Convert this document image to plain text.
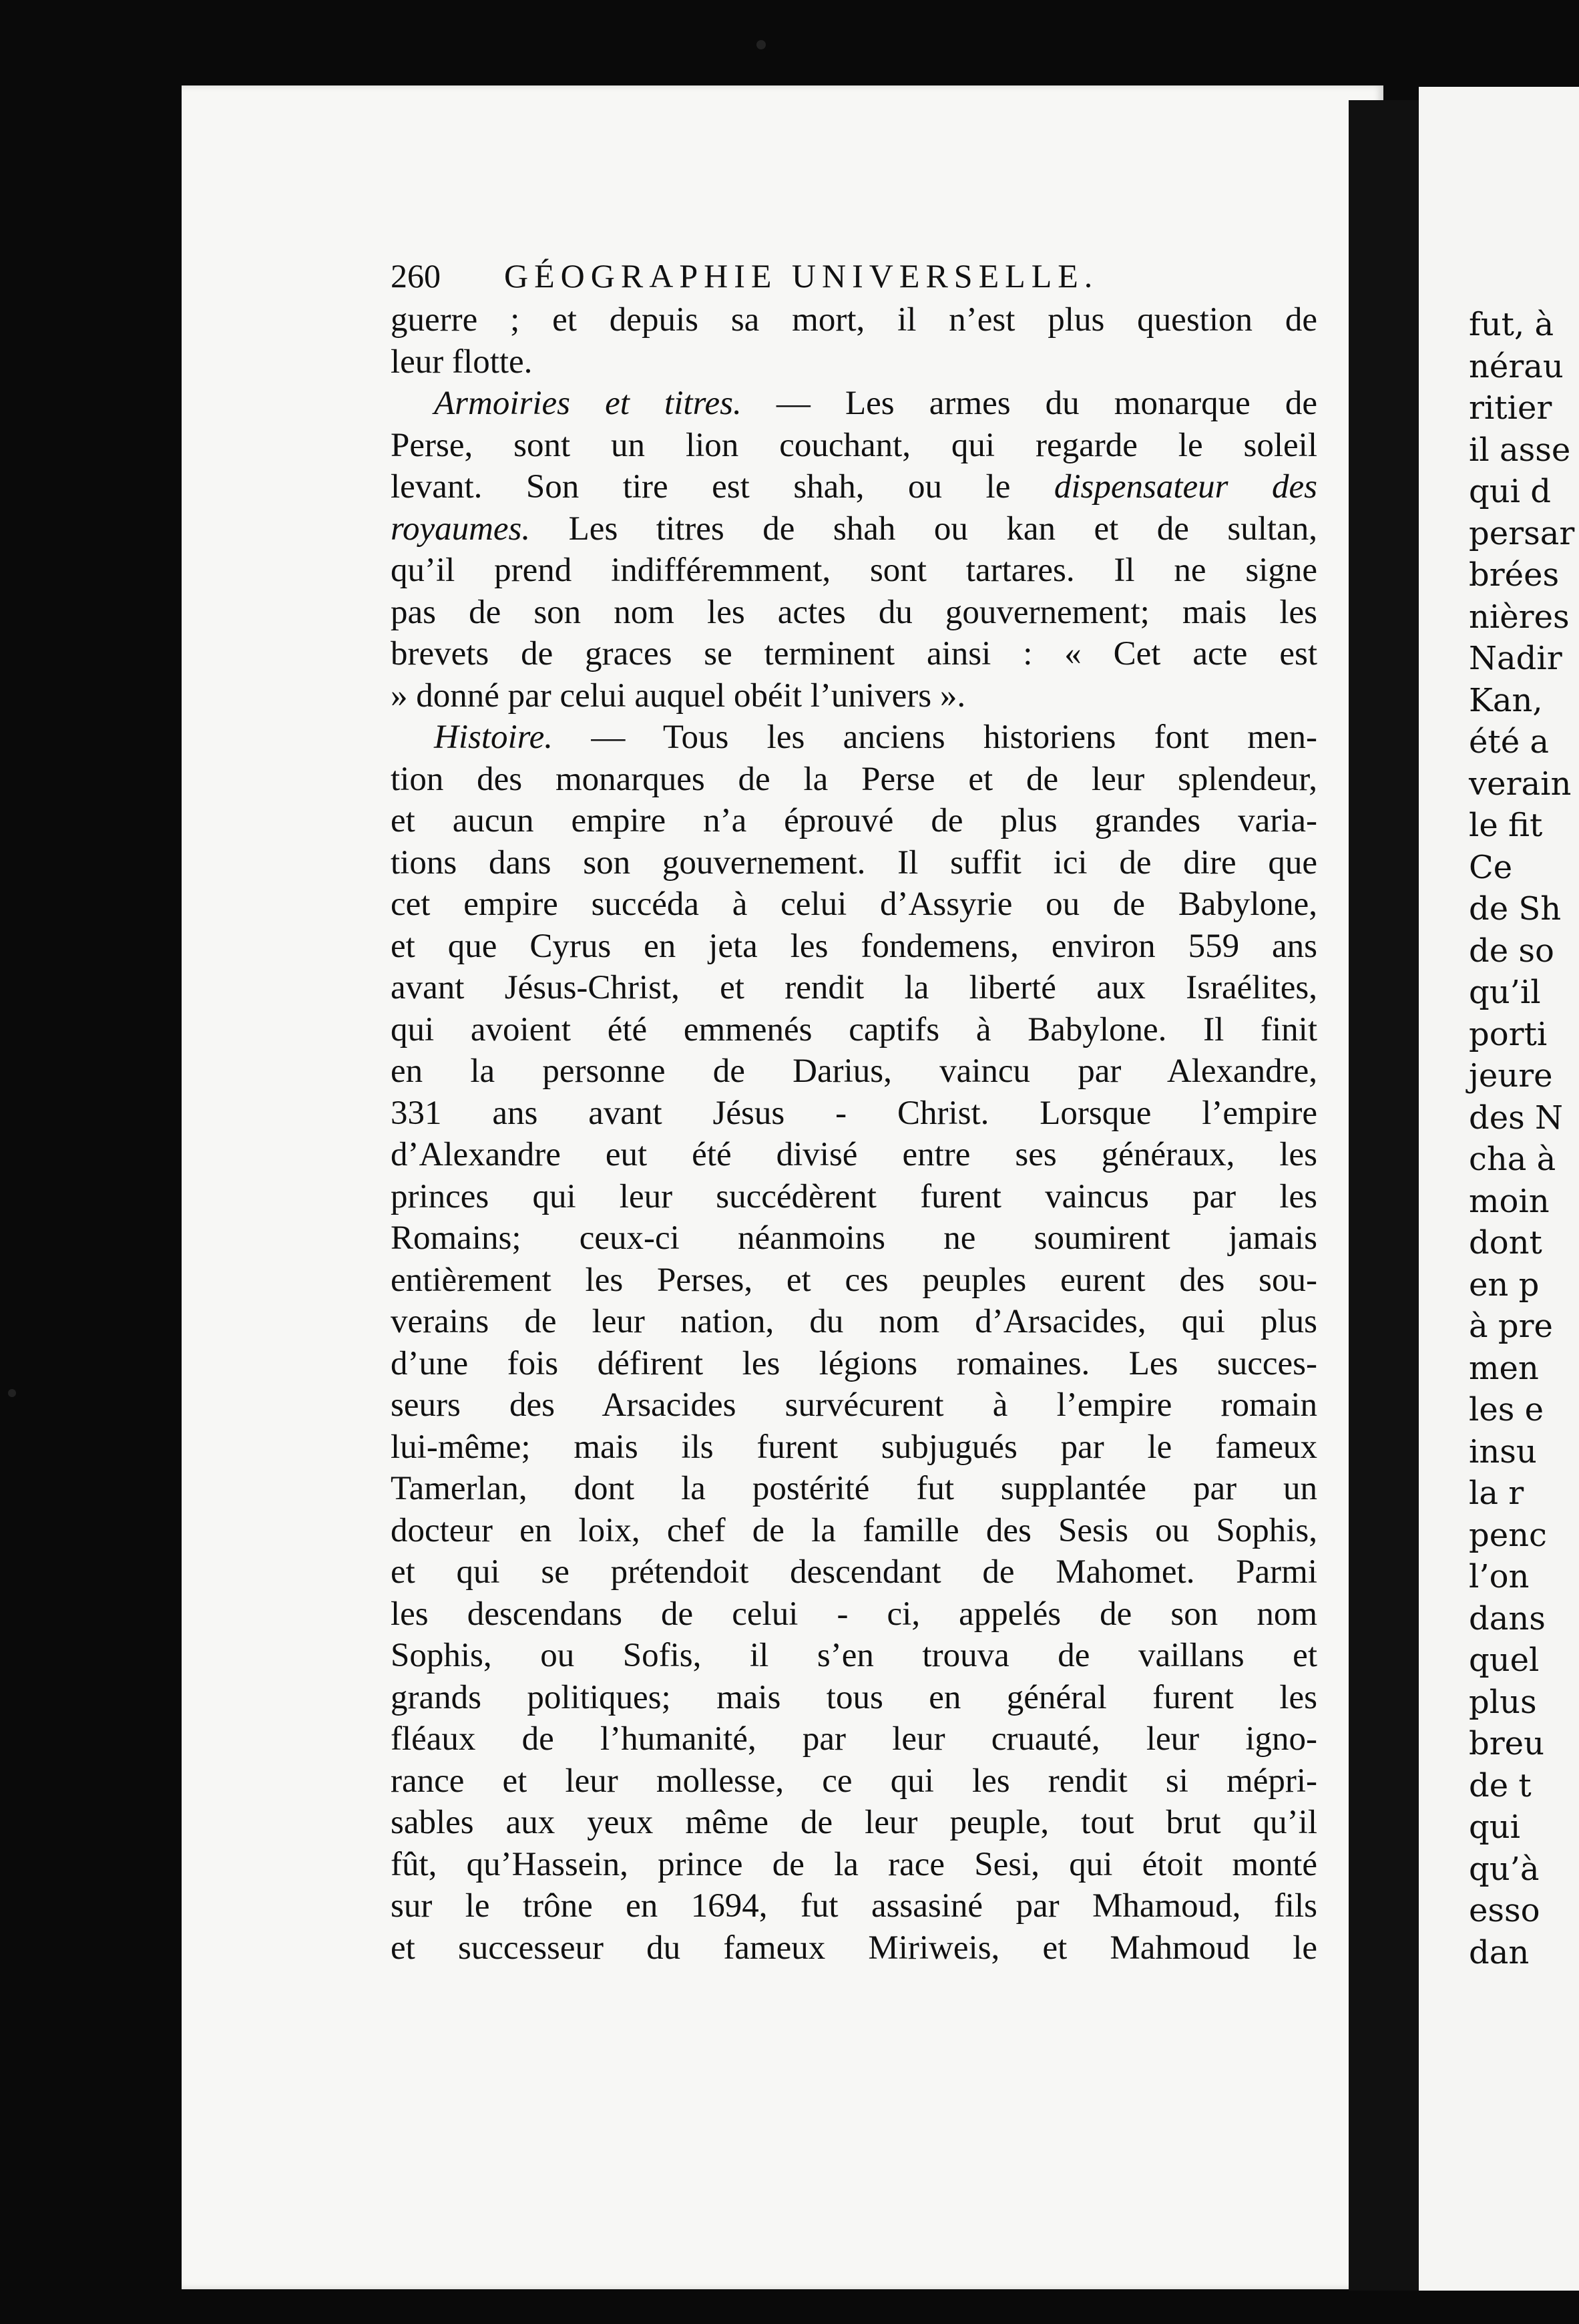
fut, à
nérau
ritier
il asse
qui d
persar
brées
nières
Nadir
Kan,
été a
verain
le fit
Ce
de Sh
de so
qu’il
porti
jeure
des N
cha à
moin
dont
en p
à pre
men
les e
insu
la r
penc
l’on
dans
quel
plus
breu
de t
qui
qu’à
esso
dan
260	GÉOGRAPHIE UNIVERSELLE.
guerre ; et depuis sa mort, il n’est plus question de
leur flotte.
Armoiries et titres. — Les armes du monarque de
Perse, sont un lion couchant, qui regarde le soleil
levant. Son tire est shah, ou le dispensateur des
royaumes. Les titres de shah ou kan et de sultan,
qu’il prend indifféremment, sont tartares. Il ne signe
pas de son nom les actes du gouvernement; mais les
brevets de graces se terminent ainsi : « Cet acte est
» donné par celui auquel obéit l’univers ».
Histoire. — Tous les anciens historiens font men-
tion des monarques de la Perse et de leur splendeur,
et aucun empire n’a éprouvé de plus grandes varia-
tions dans son gouvernement. Il suffit ici de dire que
cet empire succéda à celui d’Assyrie ou de Babylone,
et que Cyrus en jeta les fondemens, environ 559 ans
avant Jésus-Christ, et rendit la liberté aux Israélites,
qui avoient été emmenés captifs à Babylone. Il finit
en la personne de Darius, vaincu par Alexandre,
331 ans avant Jésus - Christ. Lorsque l’empire
d’Alexandre eut été divisé entre ses généraux, les
princes qui leur succédèrent furent vaincus par les
Romains; ceux-ci néanmoins ne soumirent jamais
entièrement les Perses, et ces peuples eurent des sou-
verains de leur nation, du nom d’Arsacides, qui plus
d’une fois défirent les légions romaines. Les succes-
seurs des Arsacides survécurent à l’empire romain
lui-même; mais ils furent subjugués par le fameux
Tamerlan, dont la postérité fut supplantée par un
docteur en loix, chef de la famille des Sesis ou Sophis,
et qui se prétendoit descendant de Mahomet. Parmi
les descendans de celui - ci, appelés de son nom
Sophis, ou Sofis, il s’en trouva de vaillans et
grands politiques; mais tous en général furent les
fléaux de l’humanité, par leur cruauté, leur igno-
rance et leur mollesse, ce qui les rendit si mépri-
sables aux yeux même de leur peuple, tout brut qu’il
fût, qu’Hassein, prince de la race Sesi, qui étoit monté
sur le trône en 1694, fut assasiné par Mhamoud, fils
et successeur du fameux Miriweis, et Mahmoud le
